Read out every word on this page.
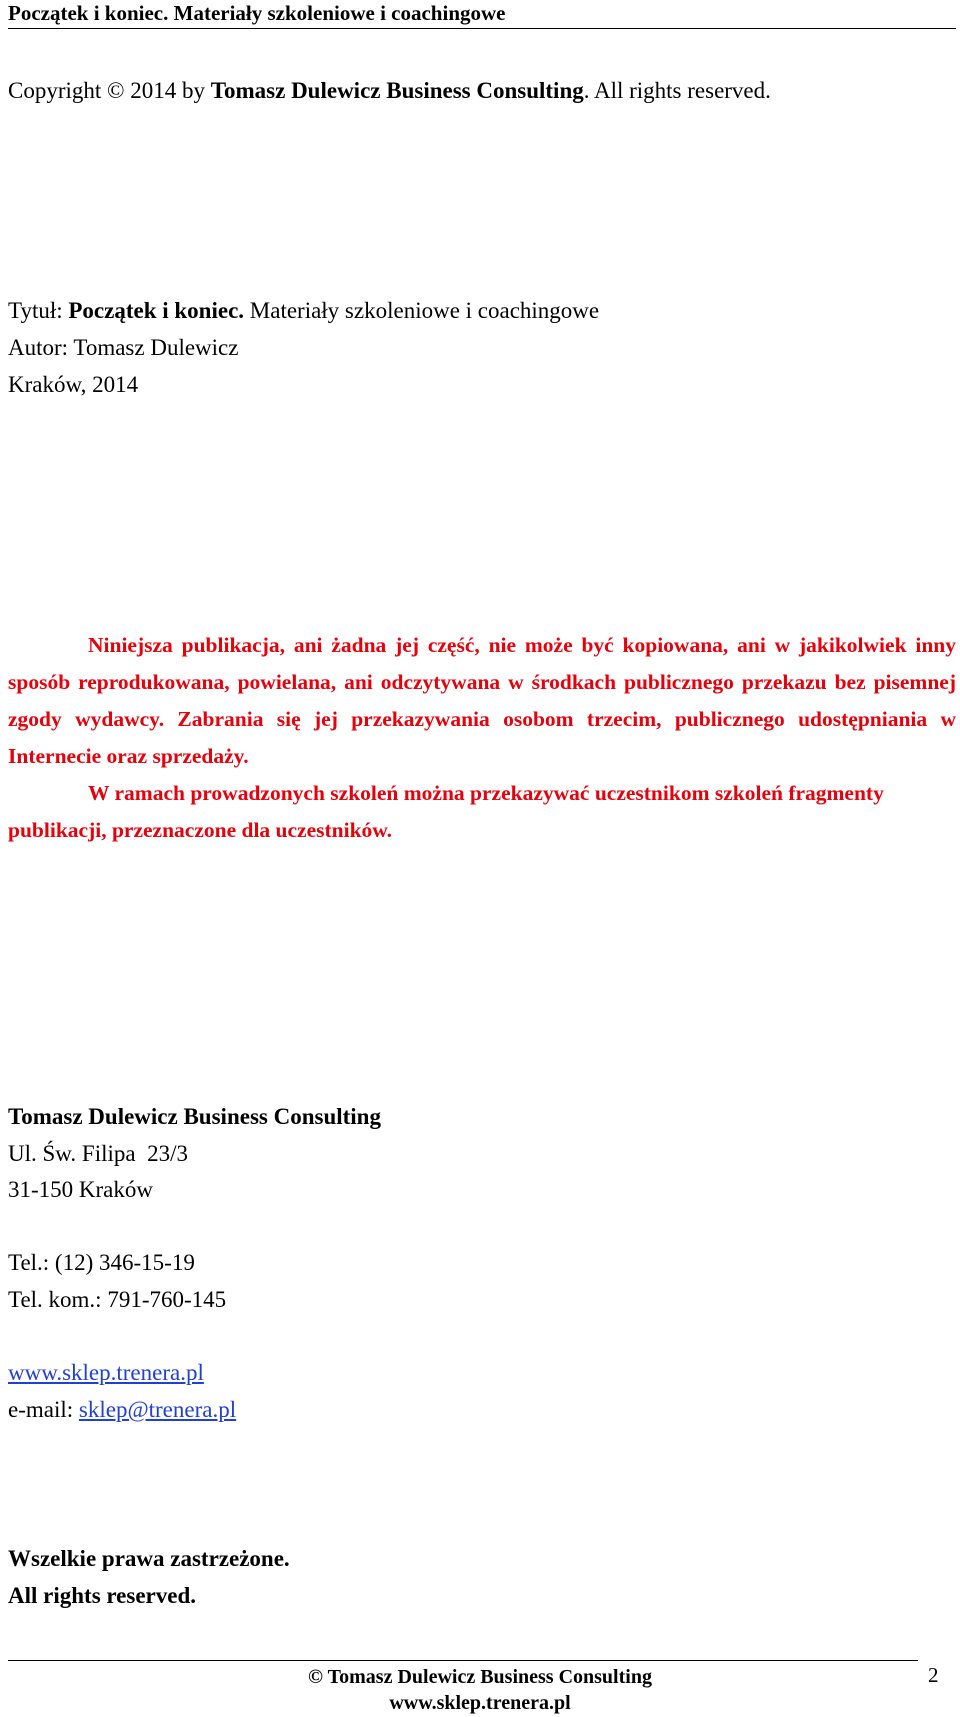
Początek i koniec. Materiały szkoleniowe i coachingowe
Copyright © 2014 by Tomasz Dulewicz Business Consulting. All rights reserved.
Tytuł: Początek i koniec. Materiały szkoleniowe i coachingowe
Autor: Tomasz Dulewicz
Kraków, 2014

Niniejsza publikacja, ani żadna jej część, nie może być kopiowana, ani w jakikolwiek inny sposób reprodukowana, powielana, ani odczytywana w środkach publicznego przekazu bez pisemnej zgody wydawcy. Zabrania się jej przekazywania osobom trzecim, publicznego udostępniania w Internecie oraz sprzedaży.

W ramach prowadzonych szkoleń można przekazywać uczestnikom szkoleń fragmenty publikacji, przeznaczone dla uczestników.

Tomasz Dulewicz Business Consulting
Ul. Św. Filipa  23/3
31-150 Kraków
Tel.: (12) 346-15-19
Tel. kom.: 791-760-145
www.sklep.trenera.pl
e-mail: sklep@trenera.pl
Wszelkie prawa zastrzeżone.
All rights reserved.
© Tomasz Dulewicz Business Consulting
www.sklep.trenera.pl
2
